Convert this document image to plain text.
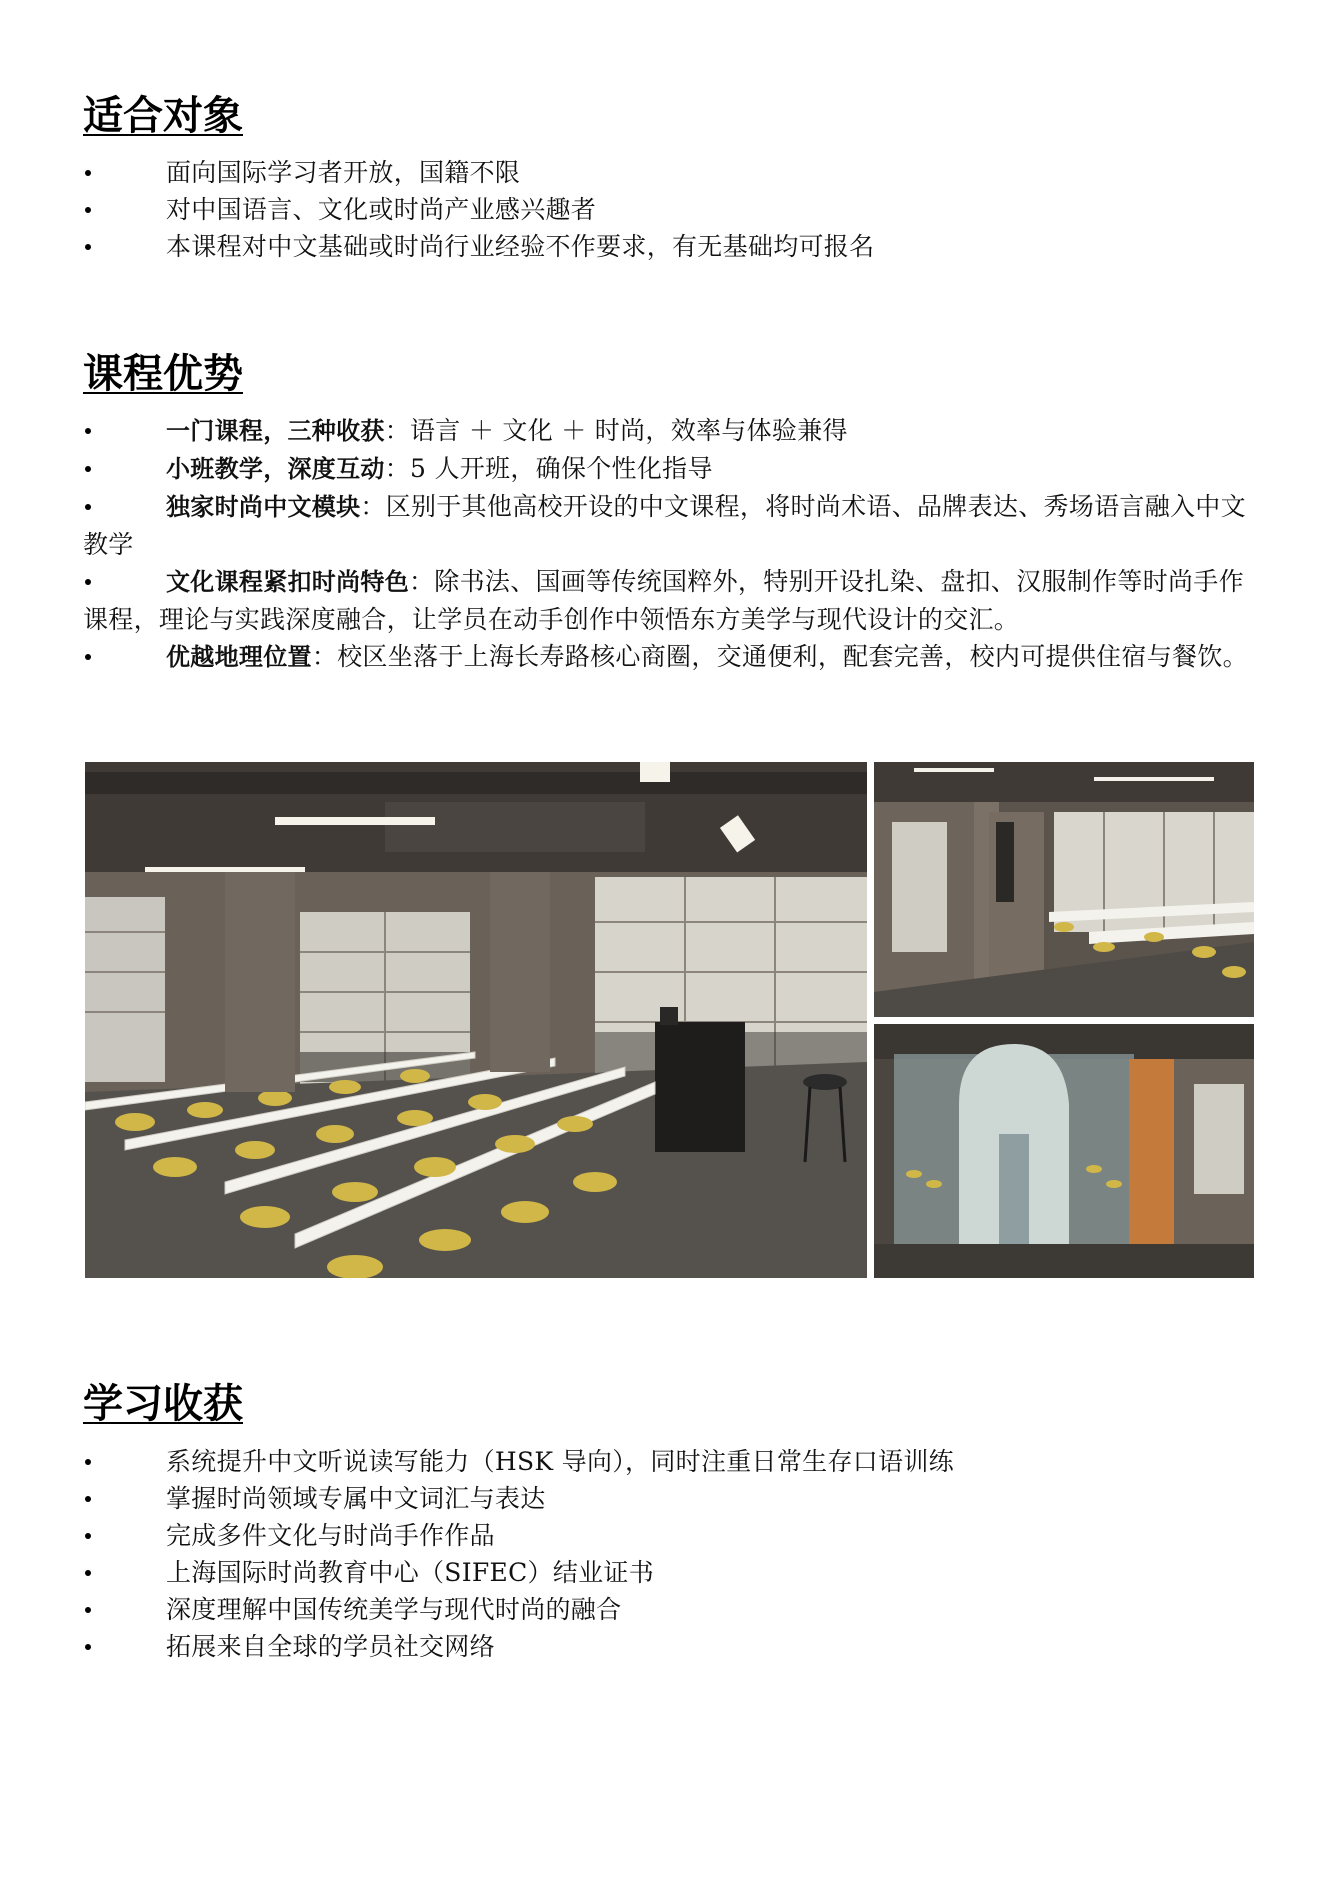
适合对象
面向国际学习者开放，国籍不限
对中国语言、文化或时尚产业感兴趣者
本课程对中文基础或时尚行业经验不作要求，有无基础均可报名
课程优势
一门课程，三种收获：语言 ＋ 文化 ＋ 时尚，效率与体验兼得
小班教学，深度互动：5 人开班，确保个性化指导
独家时尚中文模块：区别于其他高校开设的中文课程，将时尚术语、品牌表达、秀场语言融入中文教学
文化课程紧扣时尚特色：除书法、国画等传统国粹外，特别开设扎染、盘扣、汉服制作等时尚手作课程，理论与实践深度融合，让学员在动手创作中领悟东方美学与现代设计的交汇。
优越地理位置：校区坐落于上海长寿路核心商圈，交通便利，配套完善，校内可提供住宿与餐饮。
学习收获
系统提升中文听说读写能力（HSK 导向），同时注重日常生存口语训练
掌握时尚领域专属中文词汇与表达
完成多件文化与时尚手作作品
上海国际时尚教育中心（SIFEC）结业证书
深度理解中国传统美学与现代时尚的融合
拓展来自全球的学员社交网络
